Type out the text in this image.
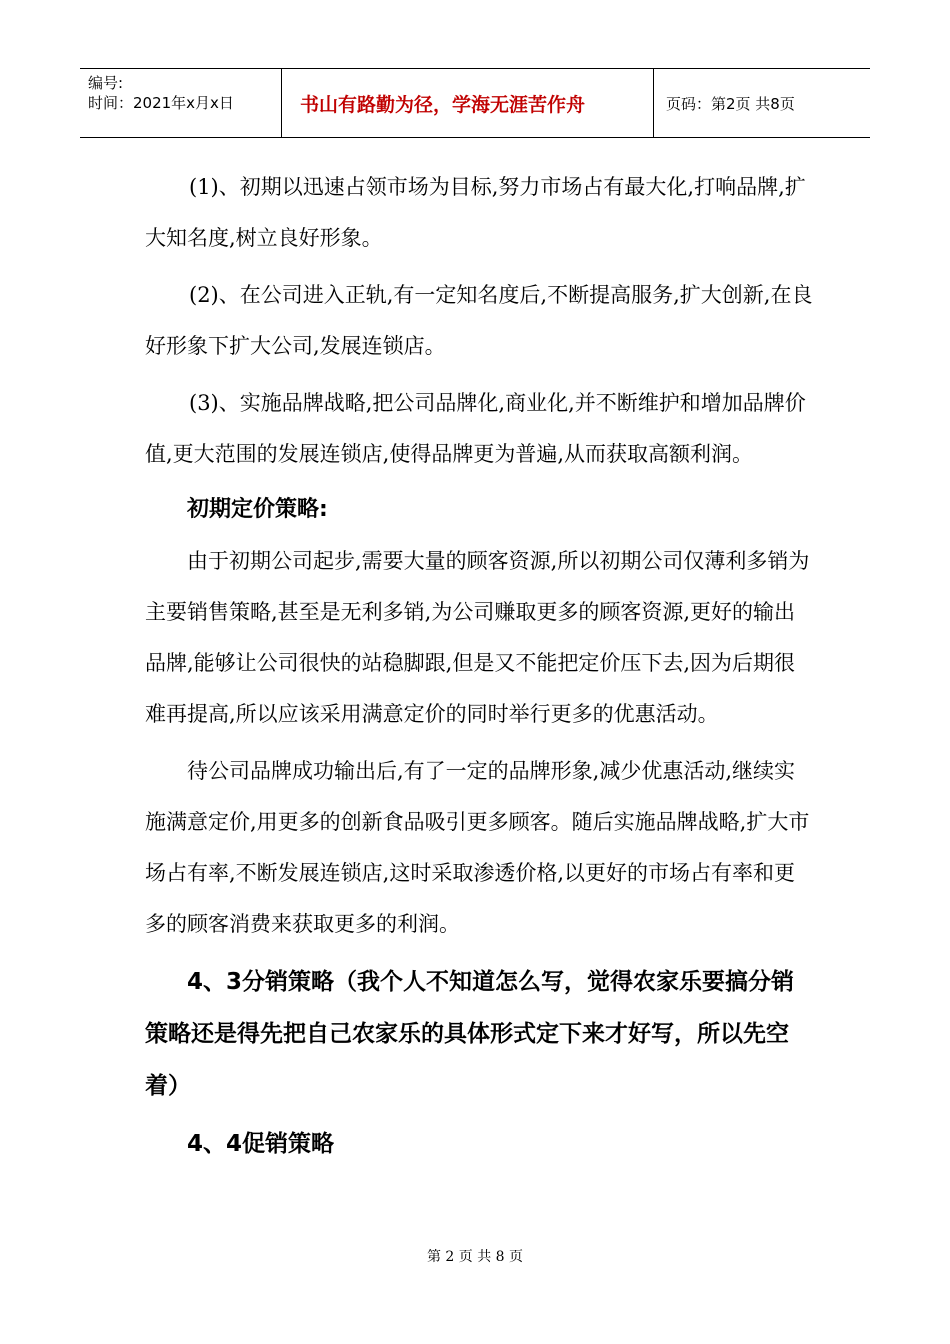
编号:
时间：2021年x月x日	书山有路勤为径，学海无涯苦作舟	页码：第2页 共8页

(1)、初期以迅速占领市场为目标,努力市场占有最大化,打响品牌,扩大知名度,树立良好形象。

(2)、在公司进入正轨,有一定知名度后,不断提高服务,扩大创新,在良好形象下扩大公司,发展连锁店。

(3)、实施品牌战略,把公司品牌化,商业化,并不断维护和增加品牌价值,更大范围的发展连锁店,使得品牌更为普遍,从而获取高额利润。

初期定价策略:

由于初期公司起步,需要大量的顾客资源,所以初期公司仅薄利多销为主要销售策略,甚至是无利多销,为公司赚取更多的顾客资源,更好的输出品牌,能够让公司很快的站稳脚跟,但是又不能把定价压下去,因为后期很难再提高,所以应该采用满意定价的同时举行更多的优惠活动。

待公司品牌成功输出后,有了一定的品牌形象,减少优惠活动,继续实施满意定价,用更多的创新食品吸引更多顾客。随后实施品牌战略,扩大市场占有率,不断发展连锁店,这时采取渗透价格,以更好的市场占有率和更多的顾客消费来获取更多的利润。

4、3分销策略（我个人不知道怎么写，觉得农家乐要搞分销策略还是得先把自己农家乐的具体形式定下来才好写，所以先空着）
4、4促销策略
第 2 页 共 8 页
